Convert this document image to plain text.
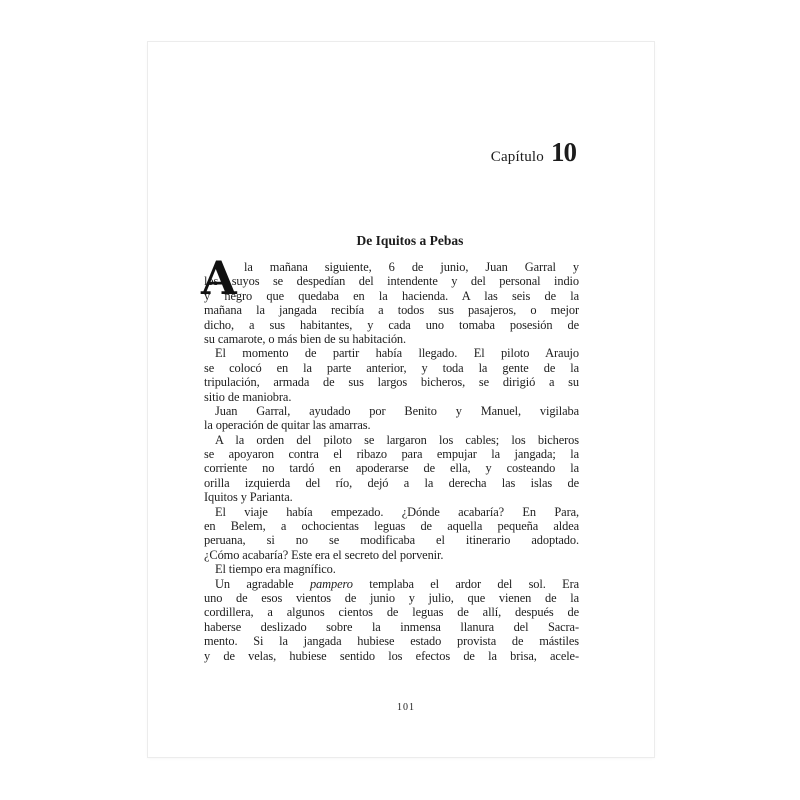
Capítulo 10
De Iquitos a Pebas
A la mañana siguiente, 6 de junio, Juan Garral y
los suyos se despedían del intendente y del personal indio
y negro que quedaba en la hacienda. A las seis de la
mañana la jangada recibía a todos sus pasajeros, o mejor
dicho, a sus habitantes, y cada uno tomaba posesión de
su camarote, o más bien de su habitación.
El momento de partir había llegado. El piloto Araujo
se colocó en la parte anterior, y toda la gente de la
tripulación, armada de sus largos bicheros, se dirigió a su
sitio de maniobra.
Juan Garral, ayudado por Benito y Manuel, vigilaba
la operación de quitar las amarras.
A la orden del piloto se largaron los cables; los bicheros
se apoyaron contra el ribazo para empujar la jangada; la
corriente no tardó en apoderarse de ella, y costeando la
orilla izquierda del río, dejó a la derecha las islas de
Iquitos y Parianta.
El viaje había empezado. ¿Dónde acabaría? En Para,
en Belem, a ochocientas leguas de aquella pequeña aldea
peruana, si no se modificaba el itinerario adoptado.
¿Cómo acabaría? Este era el secreto del porvenir.
El tiempo era magnífico.
Un agradable pampero templaba el ardor del sol. Era
uno de esos vientos de junio y julio, que vienen de la
cordillera, a algunos cientos de leguas de allí, después de
haberse deslizado sobre la inmensa llanura del Sacra-
mento. Si la jangada hubiese estado provista de mástiles
y de velas, hubiese sentido los efectos de la brisa, acele-
101
